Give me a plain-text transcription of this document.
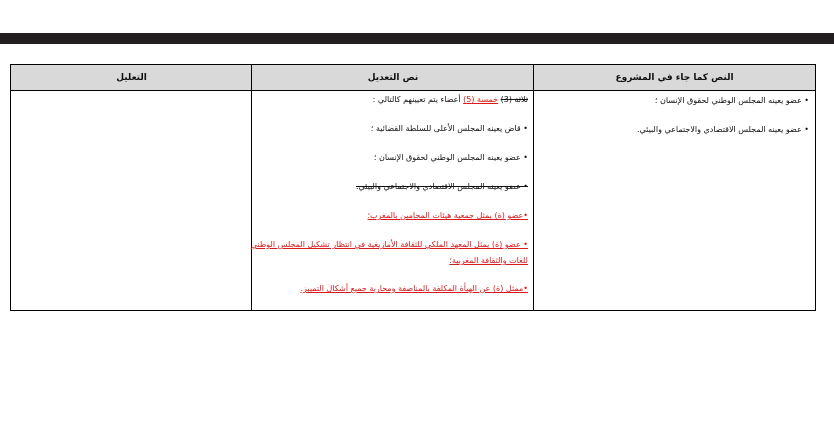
النص كما جاء في المشروع
نص التعديل
التعليل
• عضو يعينه المجلس الوطني لحقوق الإنسان ؛
• عضو يعينه المجلس الاقتصادي والاجتماعي والبيئي.
ثلاثة (3) خمسة (5) أعضاء يتم تعيينهم كالتالي :
• قاض يعينه المجلس الأعلى للسلطة القضائية ؛
• عضو يعينه المجلس الوطني لحقوق الإنسان ؛
• عضو يعينه المجلس الاقتصادي والاجتماعي والبيئي.
•عضو (ة) يمثل جمعية هيئات المحامين بالمغرب؛
• عضو (ة) يمثل المعهد الملكي للثقافة الأمازيغية في انتظار تشكيل المجلس الوطني
للغات والثقافة المغربية؛
•ممثل (ة) عن الهيأة المكلفة بالمناصفة ومحاربة جميع أشكال التمييز.
